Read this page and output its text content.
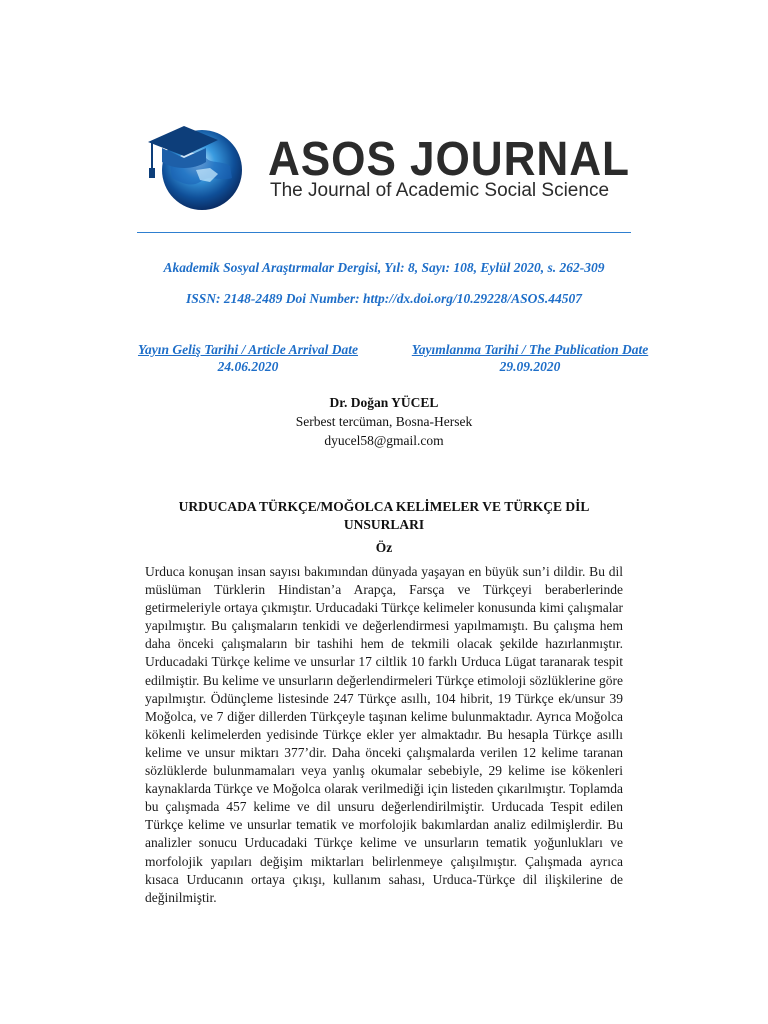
ASOS JOURNAL
The Journal of Academic Social Science
Akademik Sosyal Araştırmalar Dergisi, Yıl: 8, Sayı: 108, Eylül 2020, s. 262-309
ISSN: 2148-2489 Doi Number: http://dx.doi.org/10.29228/ASOS.44507
Yayın Geliş Tarihi / Article Arrival Date
24.06.2020
Yayımlanma Tarihi / The Publication Date
29.09.2020
Dr. Doğan YÜCEL
Serbest tercüman, Bosna-Hersek
dyucel58@gmail.com
URDUCADA TÜRKÇE/MOĞOLCA KELİMELER VE TÜRKÇE DİL UNSURLARI
Öz
Urduca konuşan insan sayısı bakımından dünyada yaşayan en büyük sun’i dildir. Bu dil müslüman Türklerin Hindistan’a Arapça, Farsça ve Türkçeyi beraberlerinde getirmeleriyle ortaya çıkmıştır. Urducadaki Türkçe kelimeler konusunda kimi çalışmalar yapılmıştır. Bu çalışmaların tenkidi ve değerlendirmesi yapılmamıştı. Bu çalışma hem daha önceki çalışmaların bir tashihi hem de tekmili olacak şekilde hazırlanmıştır. Urducadaki Türkçe kelime ve unsurlar 17 ciltlik 10 farklı Urduca Lügat taranarak tespit edilmiştir. Bu kelime ve unsurların değerlendirmeleri Türkçe etimoloji sözlüklerine göre yapılmıştır. Ödünçleme listesinde 247 Türkçe asıllı, 104 hibrit, 19 Türkçe ek/unsur 39 Moğolca, ve 7 diğer dillerden Türkçeyle taşınan kelime bulunmaktadır. Ayrıca Moğolca kökenli kelimelerden yedisinde Türkçe ekler yer almaktadır. Bu hesapla Türkçe asıllı kelime ve unsur miktarı 377’dir. Daha önceki çalışmalarda verilen 12 kelime taranan sözlüklerde bulunmamaları veya yanlış okumalar sebebiyle, 29 kelime ise kökenleri kaynaklarda Türkçe ve Moğolca olarak verilmediği için listeden çıkarılmıştır. Toplamda bu çalışmada 457 kelime ve dil unsuru değerlendirilmiştir. Urducada Tespit edilen Türkçe kelime ve unsurlar tematik ve morfolojik bakımlardan analiz edilmişlerdir. Bu analizler sonucu Urducadaki Türkçe kelime ve unsurların tematik yoğunlukları ve morfolojik yapıları değişim miktarları belirlenmeye çalışılmıştır. Çalışmada ayrıca kısaca Urducanın ortaya çıkışı, kullanım sahası, Urduca-Türkçe dil ilişkilerine de değinilmiştir.
